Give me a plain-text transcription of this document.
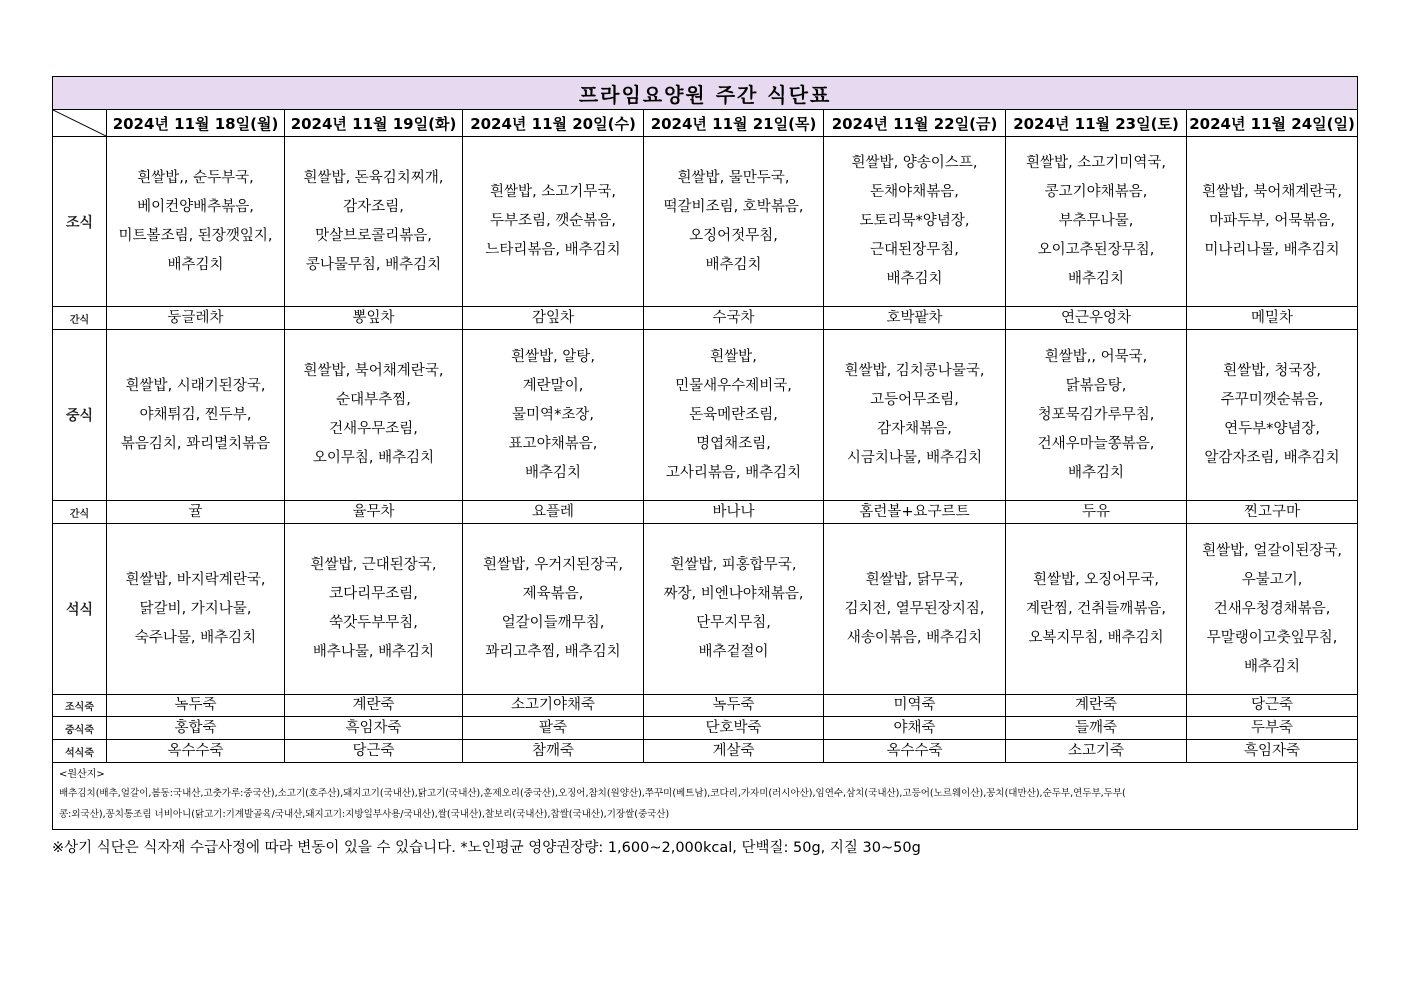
프라임요양원 주간 식단표							

	2024년 11월 18일(월)	2024년 11월 19일(화)	2024년 11월 20일(수)	2024년 11월 21일(목)	2024년 11월 22일(금)	2024년 11월 23일(토)	2024년 11월 24일(일)
조식	흰쌀밥,, 순두부국,
베이컨양배추볶음,
미트볼조림, 된장깻잎지,
배추김치	흰쌀밥, 돈육김치찌개,
감자조림,
맛살브로콜리볶음,
콩나물무침, 배추김치	흰쌀밥, 소고기무국,
두부조림, 깻순볶음,
느타리볶음, 배추김치	흰쌀밥, 물만두국,
떡갈비조림, 호박볶음,
오징어젓무침,
배추김치	흰쌀밥, 양송이스프,
돈채야채볶음,
도토리묵*양념장,
근대된장무침,
배추김치	흰쌀밥, 소고기미역국,
콩고기야채볶음,
부추무나물,
오이고추된장무침,
배추김치	흰쌀밥, 북어채계란국,
마파두부, 어묵볶음,
미나리나물, 배추김치

간식	둥글레차	뽕잎차	감잎차	수국차	호박팥차	연근우엉차	메밀차
중식	흰쌀밥, 시래기된장국,
야채튀김, 찐두부,
볶음김치, 꽈리멸치볶음	흰쌀밥, 북어채계란국,
순대부추찜,
건새우무조림,
오이무침, 배추김치	흰쌀밥, 알탕,
계란말이,
물미역*초장,
표고야채볶음,
배추김치	흰쌀밥,
민물새우수제비국,
돈육메란조림,
명엽채조림,
고사리볶음, 배추김치	흰쌀밥, 김치콩나물국,
고등어무조림,
감자채볶음,
시금치나물, 배추김치	흰쌀밥,, 어묵국,
닭볶음탕,
청포묵김가루무침,
건새우마늘쫑볶음,
배추김치	흰쌀밥, 청국장,
주꾸미깻순볶음,
연두부*양념장,
알감자조림, 배추김치

간식	귤	율무차	요플레	바나나	홈런볼+요구르트	두유	찐고구마
석식	흰쌀밥, 바지락계란국,
닭갈비, 가지나물,
숙주나물, 배추김치	흰쌀밥, 근대된장국,
코다리무조림,
쑥갓두부무침,
배추나물, 배추김치	흰쌀밥, 우거지된장국,
제육볶음,
얼갈이들깨무침,
꽈리고추찜, 배추김치	흰쌀밥, 피홍합무국,
짜장, 비엔나야채볶음,
단무지무침,
배추겉절이	흰쌀밥, 닭무국,
김치전, 열무된장지짐,
새송이볶음, 배추김치	흰쌀밥, 오징어무국,
계란찜, 건취들깨볶음,
오복지무침, 배추김치	흰쌀밥, 얼갈이된장국,
우불고기,
건새우청경채볶음,
무말랭이고춧잎무침,
배추김치

조식죽	녹두죽	계란죽	소고기야채죽	녹두죽	미역죽	계란죽	당근죽
중식죽	홍합죽	흑임자죽	팥죽	단호박죽	야채죽	들깨죽	두부죽
석식죽	옥수수죽	당근죽	참깨죽	게살죽	옥수수죽	소고기죽	흑임자죽

<원산지>
배추김치(배추,얼갈이,봄동:국내산,고춧가루:중국산),소고기(호주산),돼지고기(국내산),닭고기(국내산),훈제오리(중국산),오징어,참치(원양산),쭈꾸미(베트남),코다리,가자미(러시아산),임연수,삼치(국내산),고등어(노르웨이산),꽁치(대만산),순두부,연두부,두부(
콩:외국산),꽁치통조림 너비아니(닭고기:기계발골육/국내산,돼지고기:지방일부사용/국내산),쌀(국내산),찰보리(국내산),찹쌀(국내산),기장쌀(중국산)							
※상기 식단은 식자재 수급사정에 따라 변동이 있을 수 있습니다. *노인평균 영양권장량: 1,600~2,000kcal, 단백질: 50g, 지질 30~50g
